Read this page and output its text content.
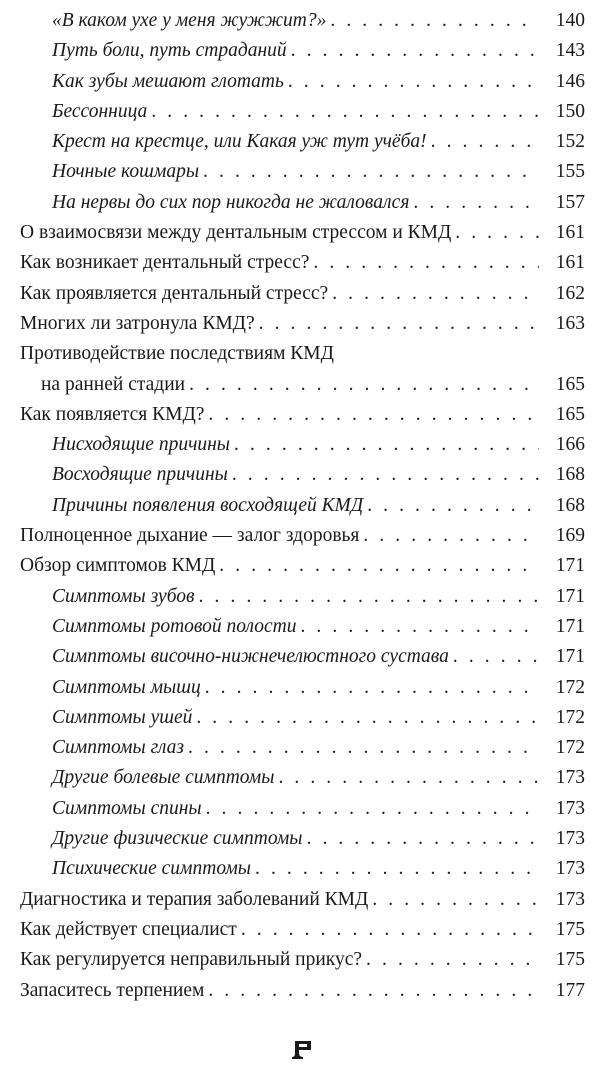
«В каком ухе у меня жужжит?» . . .	140
Путь боли, путь страданий . . .	143
Как зубы мешают глотать . . .	146
Бессонница . . .	150
Крест на крестце, или Какая уж тут учёба! . . .	152
Ночные кошмары . . .	155
На нервы до сих пор никогда не жаловался . . .	157
О взаимосвязи между дентальным стрессом и КМД . . .	161
Как возникает дентальный стресс? . . .	161
Как проявляется дентальный стресс? . . .	162
Многих ли затронула КМД? . . .	163
Противодействие последствиям КМД
на ранней стадии . . .	165
Как появляется КМД? . . .	165
Нисходящие причины . . .	166
Восходящие причины . . .	168
Причины появления восходящей КМД . . .	168
Полноценное дыхание — залог здоровья . . .	169
Обзор симптомов КМД . . .	171
Симптомы зубов . . .	171
Симптомы ротовой полости . . .	171
Симптомы височно-нижнечелюстного сустава . . .	171
Симптомы мышц . . .	172
Симптомы ушей . . .	172
Симптомы глаз . . .	172
Другие болевые симптомы . . .	173
Симптомы спины . . .	173
Другие физические симптомы . . .	173
Психические симптомы . . .	173
Диагностика и терапия заболеваний КМД . . .	173
Как действует специалист . . .	175
Как регулируется неправильный прикус? . . .	175
Запаситесь терпением . . .	177
